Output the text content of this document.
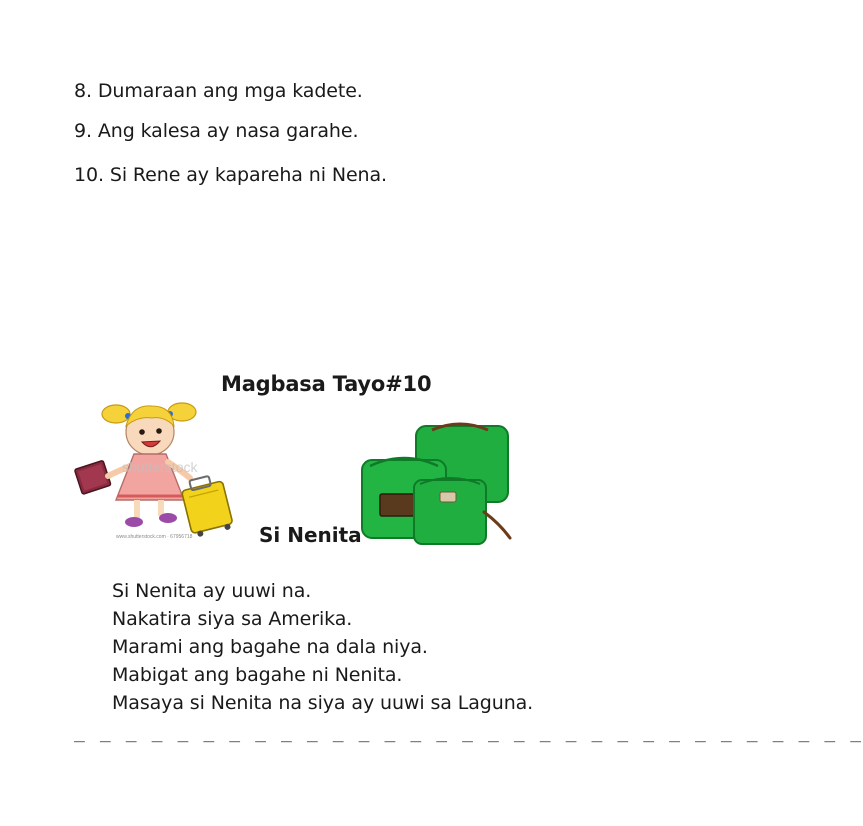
8. Dumaraan ang mga kadete.
9. Ang kalesa ay nasa garahe.
10. Si Rene ay kapareha ni Nena.
Magbasa Tayo#10
shutterstock
www.shutterstock.com · 67956718	Si Nenita
Si Nenita ay uuwi na.
Nakatira siya sa Amerika.
Marami ang bagahe na dala niya.
Mabigat ang bagahe ni Nenita.
Masaya si Nenita na siya ay uuwi sa Laguna.
_ _ _ _ _ _ _ _ _ _ _ _ _ _ _ _ _ _ _ _ _ _ _ _ _ _ _ _ _ _ _
